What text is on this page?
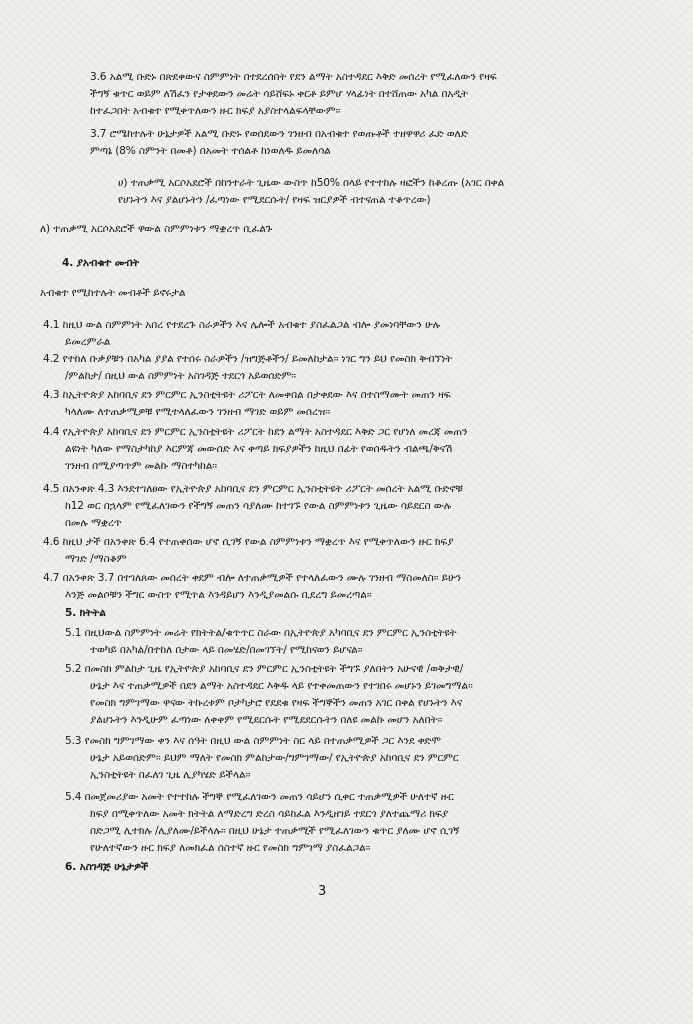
3.6 አልሚ ቡድኑ በጽደቀውና ስምምነት በተደረሰበት የደን ልማት አስተዳደር እቅድ መሰረት የሚፈለውን የዛፍ
ችግኝ ቁጥር ወይም ለሽፈን የታቀደውን መሬት ሳይሸፍኑ ቀርቶ ይምሆ ሃላፊነት በተሸጠው አካል በአዲት
ከተፈጋበት አብቁተ የሚቀጥለውን ዙር ክፍያ አያስተላልፍላቸውም፡፡
3.7 ሮሜከተሉት ሁኔታዎች አልሚ ቡድኑ የወሰደውን ገንዘብ በአብቁተ የወጡቶች ተዘዋዋሪ ፈድ ወለድ
ምጣኔ (8% ስምንት በመቶ) በአመት ተሰልቶ ከነወለዱ ይመለሳል
ሀ) ተጠቃሚ አርሶአደሮች በከንተራት ጊዜው ውስጥ ከ50% በላይ የተተከሉ ዛፎችን ከቆረጡ (አገር በቀል
የሆኑትን እና ያልሆኑትን /ፈጣነው የሚደርሱት/ የዛፍ ዝርያዎች ብተናጠል ተቆጥረው)
ለ) ተጠቃሚ አርሶአደሮች ዋውል ስምምነቱን ማቋረጥ ቢፈልጉ
4. ያአብቁተ መብት
አብቁተ የሚከተሉት መብቶች ይኖሩታል
4.1 ከዚህ ውል ስምምነት አበረ የተደረጉ ስራዎችን እና ሌሎች አብቁተ ያስፈልጋል ብሎ ያመነባቸውን ሁሉ
ይመረምራል
4.2 የተከለ ቡቃያቹን በአካል ያያል የተሰሩ ስራዎችን /ዝግጅቶችን/ ይመለከታል፡፡ ነገር ግን ይህ የመስክ ቅብኘነት
/ምልከታ/ በዚህ ውል ስምምነት አስገዳጅ ተደርጎ አይወሰድም፡፡
4.3 ከኢትዮጵያ አከባቢና ደን ምርምር ኢንስቲትዩት ሪፖርት ለመቀበል በታቀደው እና በተስማሙት መጠን ዛፍ
ካላለሙ ለተጠቃሚዎቹ የሚተላለፈውን ገንዘብ ማገድ ወይም መሰረዝ፡፡
4.4 የኢትዮጵያ አከባቢና ደን ምርምር ኢንስቲትዩት ሪፖርት ከደን ልማት አስተዳደር እቅድ ጋር የሆነለ መረጃ መጠን
ልዩነት ካለው የማስታካከያ እርምጃ መውሰድ እና ቀጣይ ክፍያዎችን ከዚህ በፊት የወሰዱትን ብልጫ/ቅናሽ
ገንዘብ በሚያጣጥም መልኩ ማስተካከል፡፡
4.5 በአንቀጽ 4.3 እንደተገለፀው የኢትዮጵያ አከባቢና ደን ምርምር ኢንስቲትዩት ሪፖርት መሰረት አልሚ ቡድኖቹ
ከ12 ወር በኋላም የሚፈለገውን የችግኝ መጠን ሳያለሙ ከተገኙ የውል ስምምነቱን ጊዜው ሳይደርስ ውሉ
በመሉ ማቋረጥ
4.6 ከዚህ ታች በአንቀጽ 6.4 የተጠቀሰው ሆኖ ሲገኝ የውል ስምምነቱን ማቋረጥ እና የሚቀጥለውን ዙር ክፍያ
ማገድ /ማስቆም
4.7 በአንቀጽ 3.7 በተገለጸው መሰረት ቀደም ብሎ ለተጠቃሚዎች የተላለፈውን ሙሉ ገንዘብ ማስመለስ፡፡ ይሁን
እንጅ መልሶቹን ችግር ውስጥ የሚጥል እንዳይሆን እንዲያመልሱ ቢደረግ ይመረጣል፡፡
5. ክትትል
5.1 በዚህውል ስምምነት መሬት የክትትል/ቁጥጥር ስራው በኢትዮጵያ አካባቢና ደን ምርምር ኢንስቲትዩት
ተወካይ በአካል/በተከለ በታው ላይ በመሄድ/በመገኘት/ የሚከናወን ይሆናል፡፡
5.2 በመስክ ምልከታ ጊዜ የኢትዮጵያ አከባቢና ደን ምርምር ኢንስቲትዩት ችግኙ ያለበትን አሁናዊ /ወቅታዊ/
ሁኔታ እና ተጠቃሚዎች በደን ልማት አስተዳደር እቅዱ ላይ የተቀመጠውን የተገበሩ መሆኑን ይገመግማል፡፡
የመስክ ግምገማው ዋናው ትኩረቱም ቦታካታሮ የደደቁ የዛፍ ችግኞችን መጠን አገር በቀል የሆኑትን እና
ያልሆኑትን እንዲሁም ፈጣነው ለቀቀም የሚደርሱት የሚደደርሱትን በለዩ መልኩ መሆን አለበት፡፡
5.3 የመስክ ግምገማው ቀን እና ሰዓት በዚህ ውል ስምምነት ስር ላይ በተጠቃሚዎች ጋር እንደ ቀድሞ
ሁኔታ አይወሰድም፡፡ ይህም ማለት የመስክ ምልከታው/ግምገማው/ የኢትዮጵያ አከባቢና ደን ምርምር
ኢንስቲትዩት በፈለገ ጊዜ ሊያካሄድ ይችላል፡፡
5.4 በመጀመሪያው አመት የተተከሉ ችግኞ የሚፈለገውን መጠን ሳይሆን ሲቀር ተጠቃሚዎች ሁለተኛ ዙር
ክፍያ በሚቀጥለው አመት ክትትል ለማድረግ ድረስ ሳይከፈል እንዲዘገይ ተደርጎ ያለተጨማሪ ክፍያ
በድጋሚ ሊተክሉ /ሊያለሙ/ይችላሉ፡፡ በዚህ ሁኔታ ተጠቃሚች የሚፈለገውን ቁጥር ያለሙ ሆኖ ሲገኝ
የሁለተኛውን ዙር ክፍያ ለመክፈል ሰስተኛ ዙር የመስክ ግምገማ ያስፈልጋል፡፡
6. አስገዳጅ ሁኔታዎች
3
